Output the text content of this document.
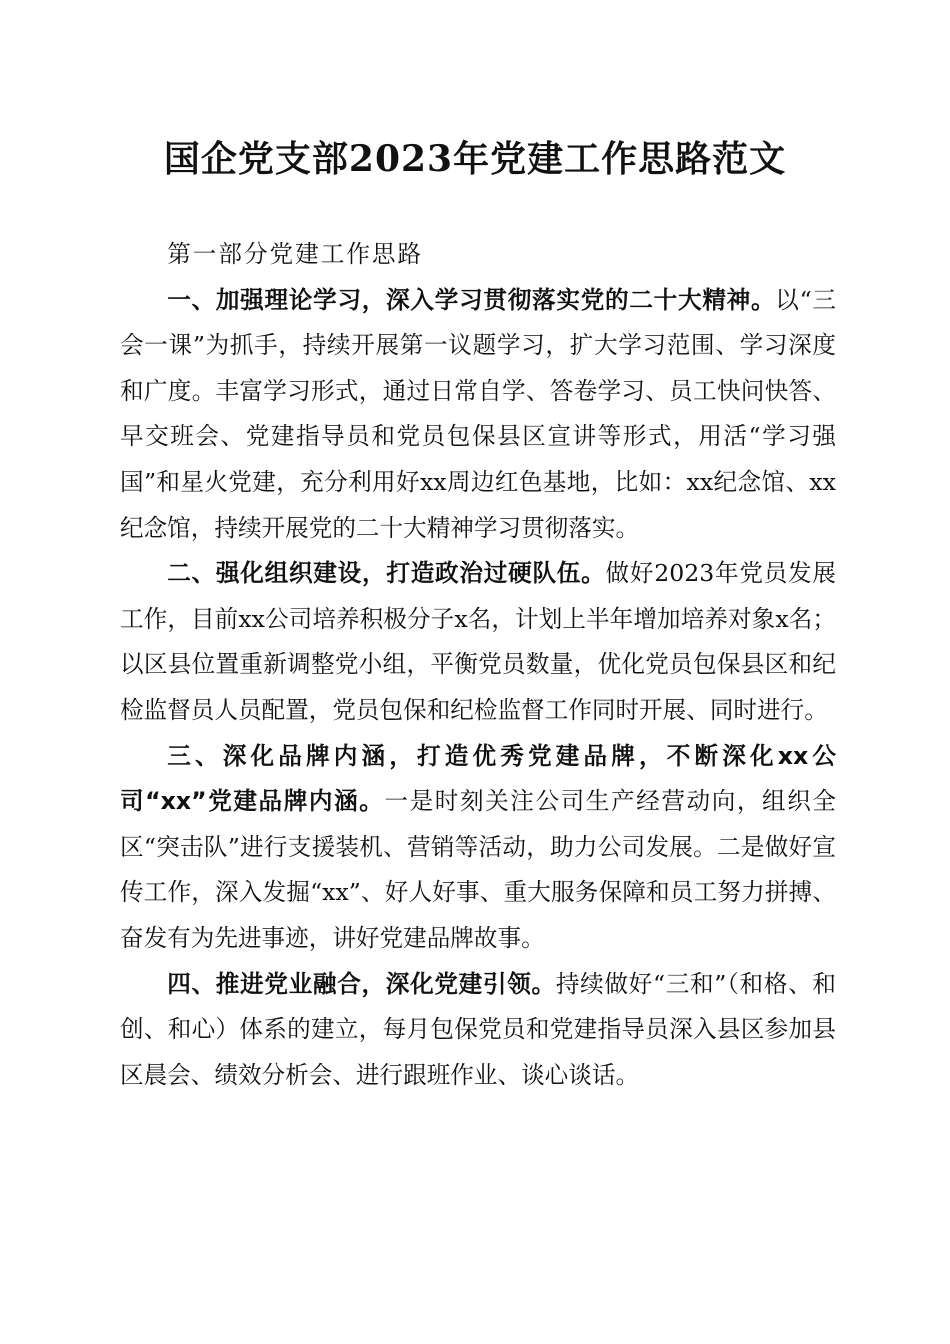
国企党支部2023年党建工作思路范文

第一部分党建工作思路

一、加强理论学习，深入学习贯彻落实党的二十大精神。以“三会一课”为抓手，持续开展第一议题学习，扩大学习范围、学习深度和广度。丰富学习形式，通过日常自学、答卷学习、员工快问快答、早交班会、党建指导员和党员包保县区宣讲等形式，用活“学习强国”和星火党建，充分利用好xx周边红色基地，比如：xx纪念馆、xx纪念馆，持续开展党的二十大精神学习贯彻落实。

二、强化组织建设，打造政治过硬队伍。做好2023年党员发展工作，目前xx公司培养积极分子x名，计划上半年增加培养对象x名；以区县位置重新调整党小组，平衡党员数量，优化党员包保县区和纪检监督员人员配置，党员包保和纪检监督工作同时开展、同时进行。

三、深化品牌内涵，打造优秀党建品牌，不断深化xx公司“xx”党建品牌内涵。一是时刻关注公司生产经营动向，组织全区“突击队”进行支援装机、营销等活动，助力公司发展。二是做好宣传工作，深入发掘“xx”、好人好事、重大服务保障和员工努力拼搏、奋发有为先进事迹，讲好党建品牌故事。

四、推进党业融合，深化党建引领。持续做好“三和”（和格、和创、和心）体系的建立，每月包保党员和党建指导员深入县区参加县区晨会、绩效分析会、进行跟班作业、谈心谈话。
